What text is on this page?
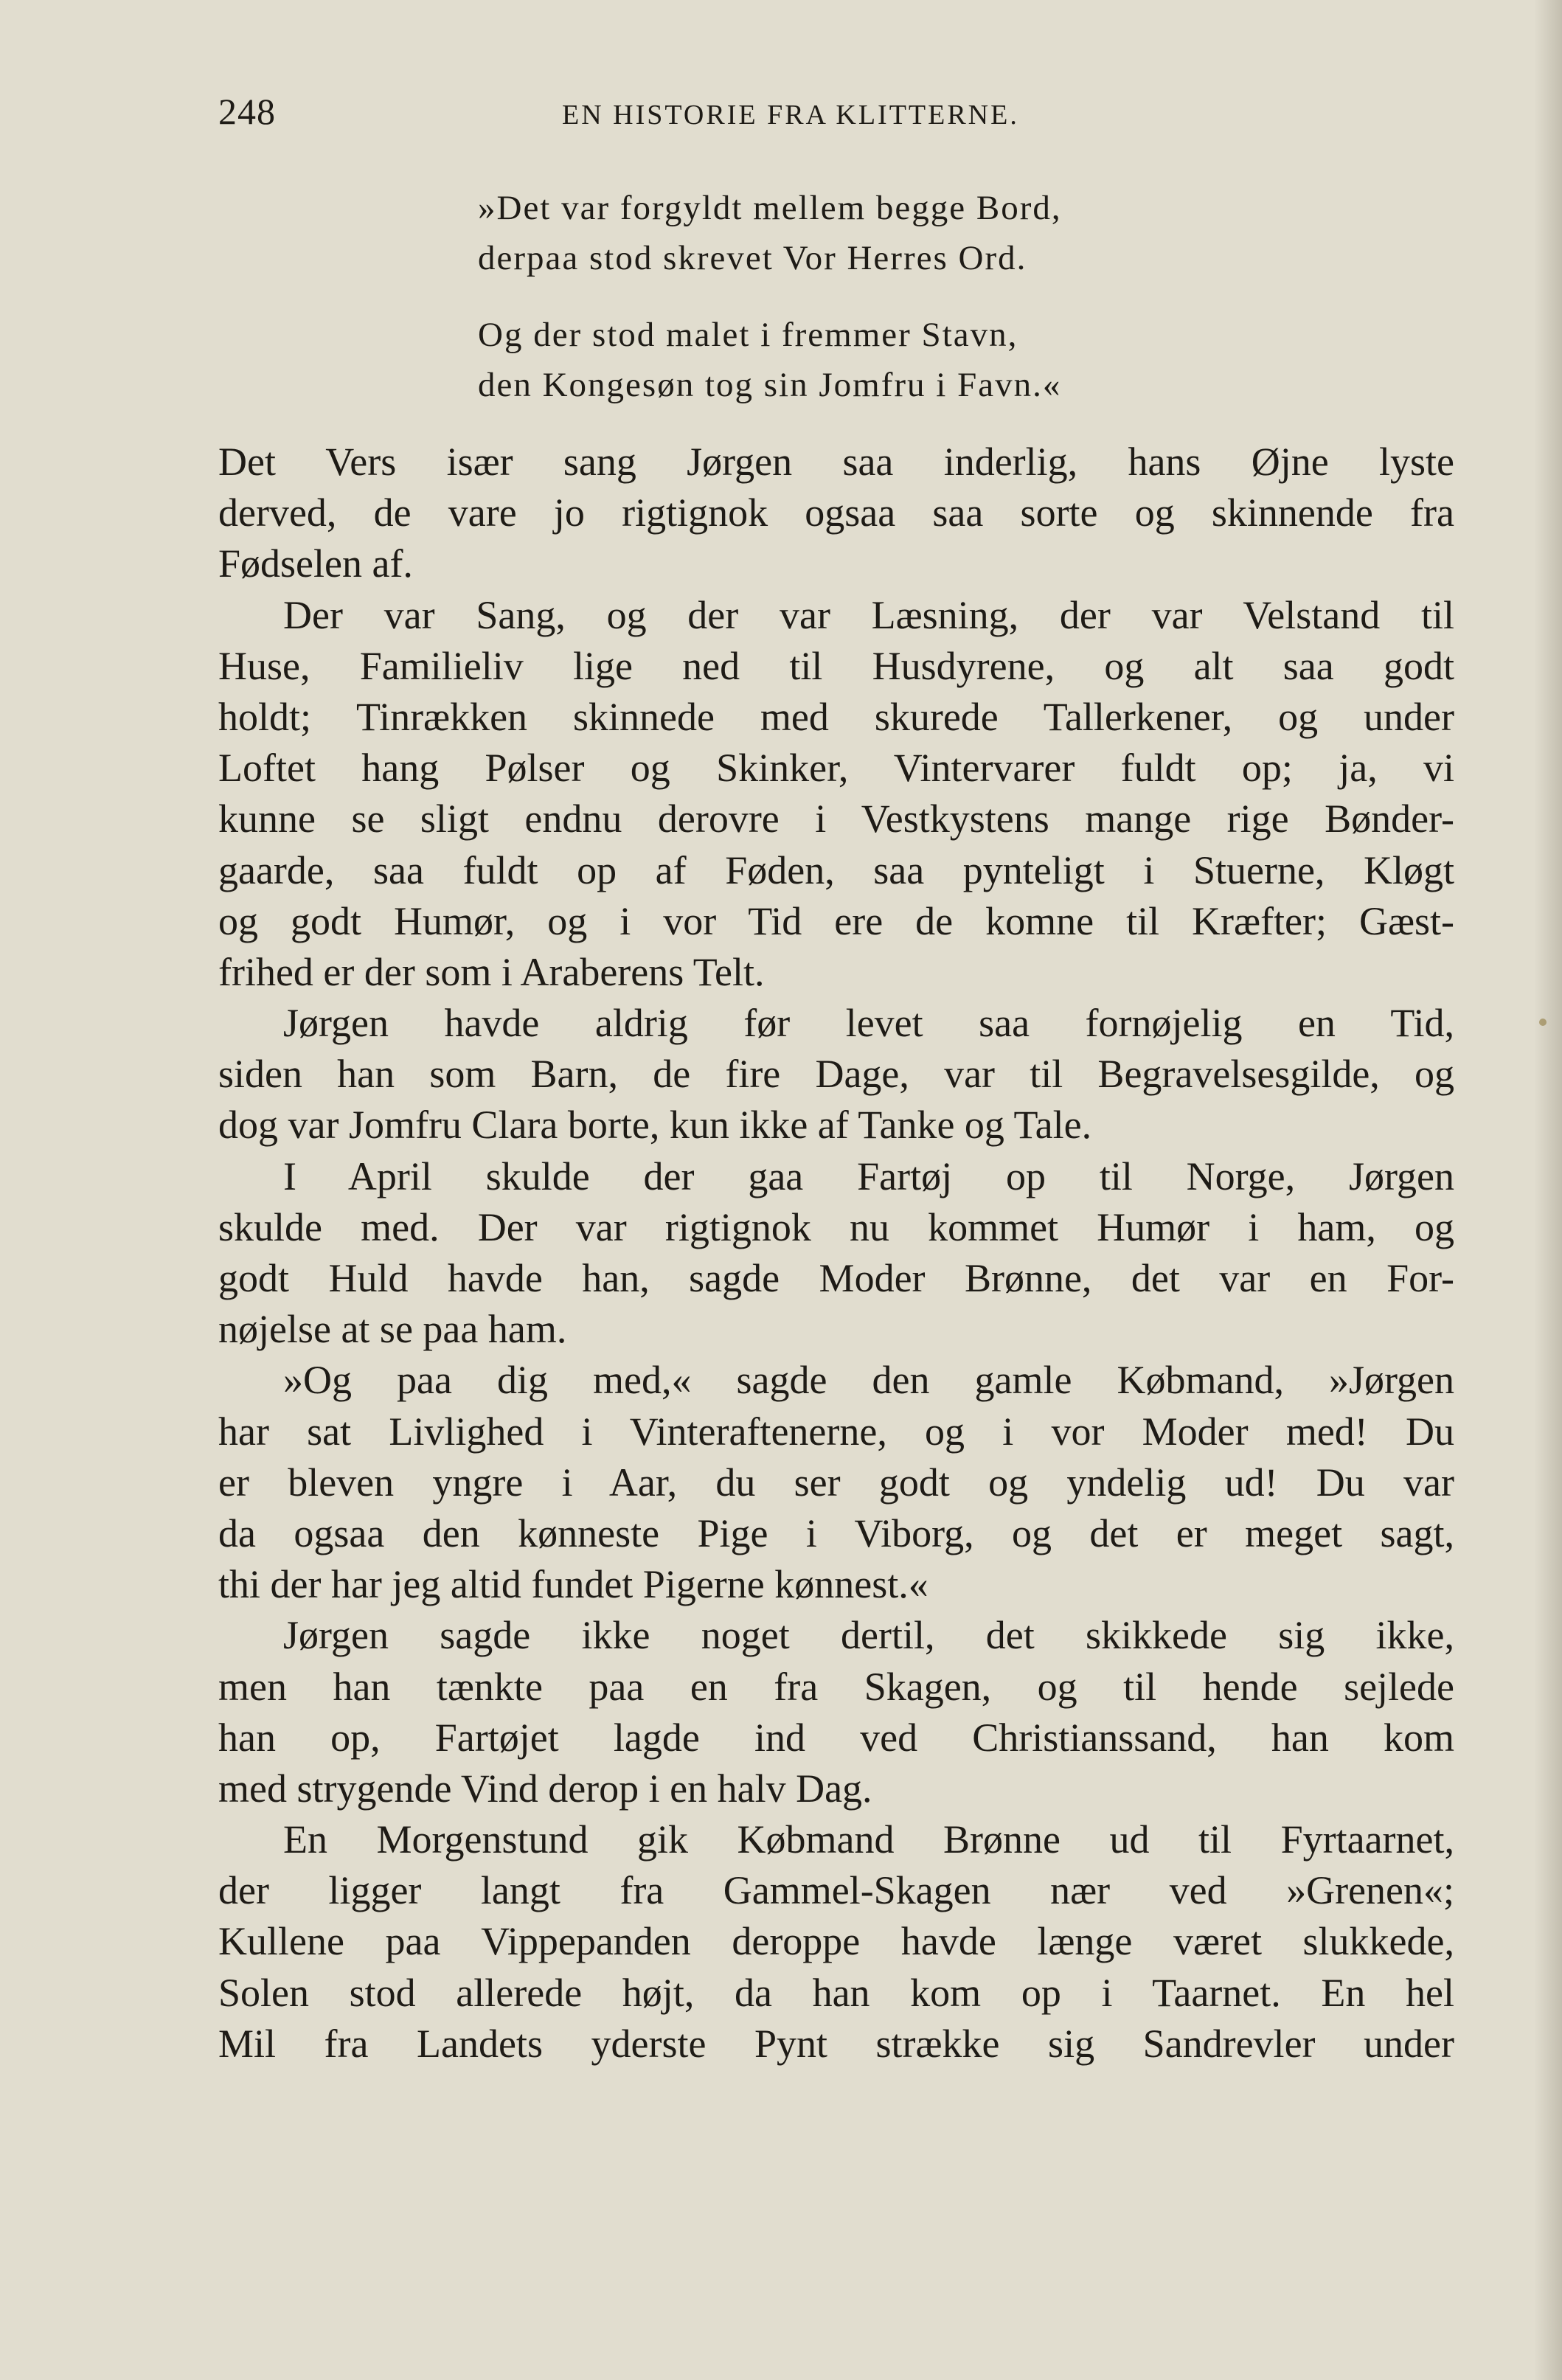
248	EN HISTORIE FRA KLITTERNE.
»Det var forgyldt mellem begge Bord,
derpaa stod skrevet Vor Herres Ord.
Og der stod malet i fremmer Stavn,
den Kongesøn tog sin Jomfru i Favn.«
Det Vers især sang Jørgen saa inderlig, hans Øjne lyste
derved, de vare jo rigtignok ogsaa saa sorte og skinnende fra
Fødselen af.
Der var Sang, og der var Læsning, der var Velstand til
Huse, Familieliv lige ned til Husdyrene, og alt saa godt
holdt; Tinrækken skinnede med skurede Tallerkener, og under
Loftet hang Pølser og Skinker, Vintervarer fuldt op; ja, vi
kunne se sligt endnu derovre i Vestkystens mange rige Bønder-
gaarde, saa fuldt op af Føden, saa pynteligt i Stuerne, Kløgt
og godt Humør, og i vor Tid ere de komne til Kræfter; Gæst-
frihed er der som i Araberens Telt.
Jørgen havde aldrig før levet saa fornøjelig en Tid,
siden han som Barn, de fire Dage, var til Begravelsesgilde, og
dog var Jomfru Clara borte, kun ikke af Tanke og Tale.
I April skulde der gaa Fartøj op til Norge, Jørgen
skulde med. Der var rigtignok nu kommet Humør i ham, og
godt Huld havde han, sagde Moder Brønne, det var en For-
nøjelse at se paa ham.
»Og paa dig med,« sagde den gamle Købmand, »Jørgen
har sat Livlighed i Vinteraftenerne, og i vor Moder med! Du
er bleven yngre i Aar, du ser godt og yndelig ud! Du var
da ogsaa den kønneste Pige i Viborg, og det er meget sagt,
thi der har jeg altid fundet Pigerne kønnest.«
Jørgen sagde ikke noget dertil, det skikkede sig ikke,
men han tænkte paa en fra Skagen, og til hende sejlede
han op, Fartøjet lagde ind ved Christianssand, han kom
med strygende Vind derop i en halv Dag.
En Morgenstund gik Købmand Brønne ud til Fyrtaarnet,
der ligger langt fra Gammel-Skagen nær ved »Grenen«;
Kullene paa Vippepanden deroppe havde længe været slukkede,
Solen stod allerede højt, da han kom op i Taarnet. En hel
Mil fra Landets yderste Pynt strække sig Sandrevler under
